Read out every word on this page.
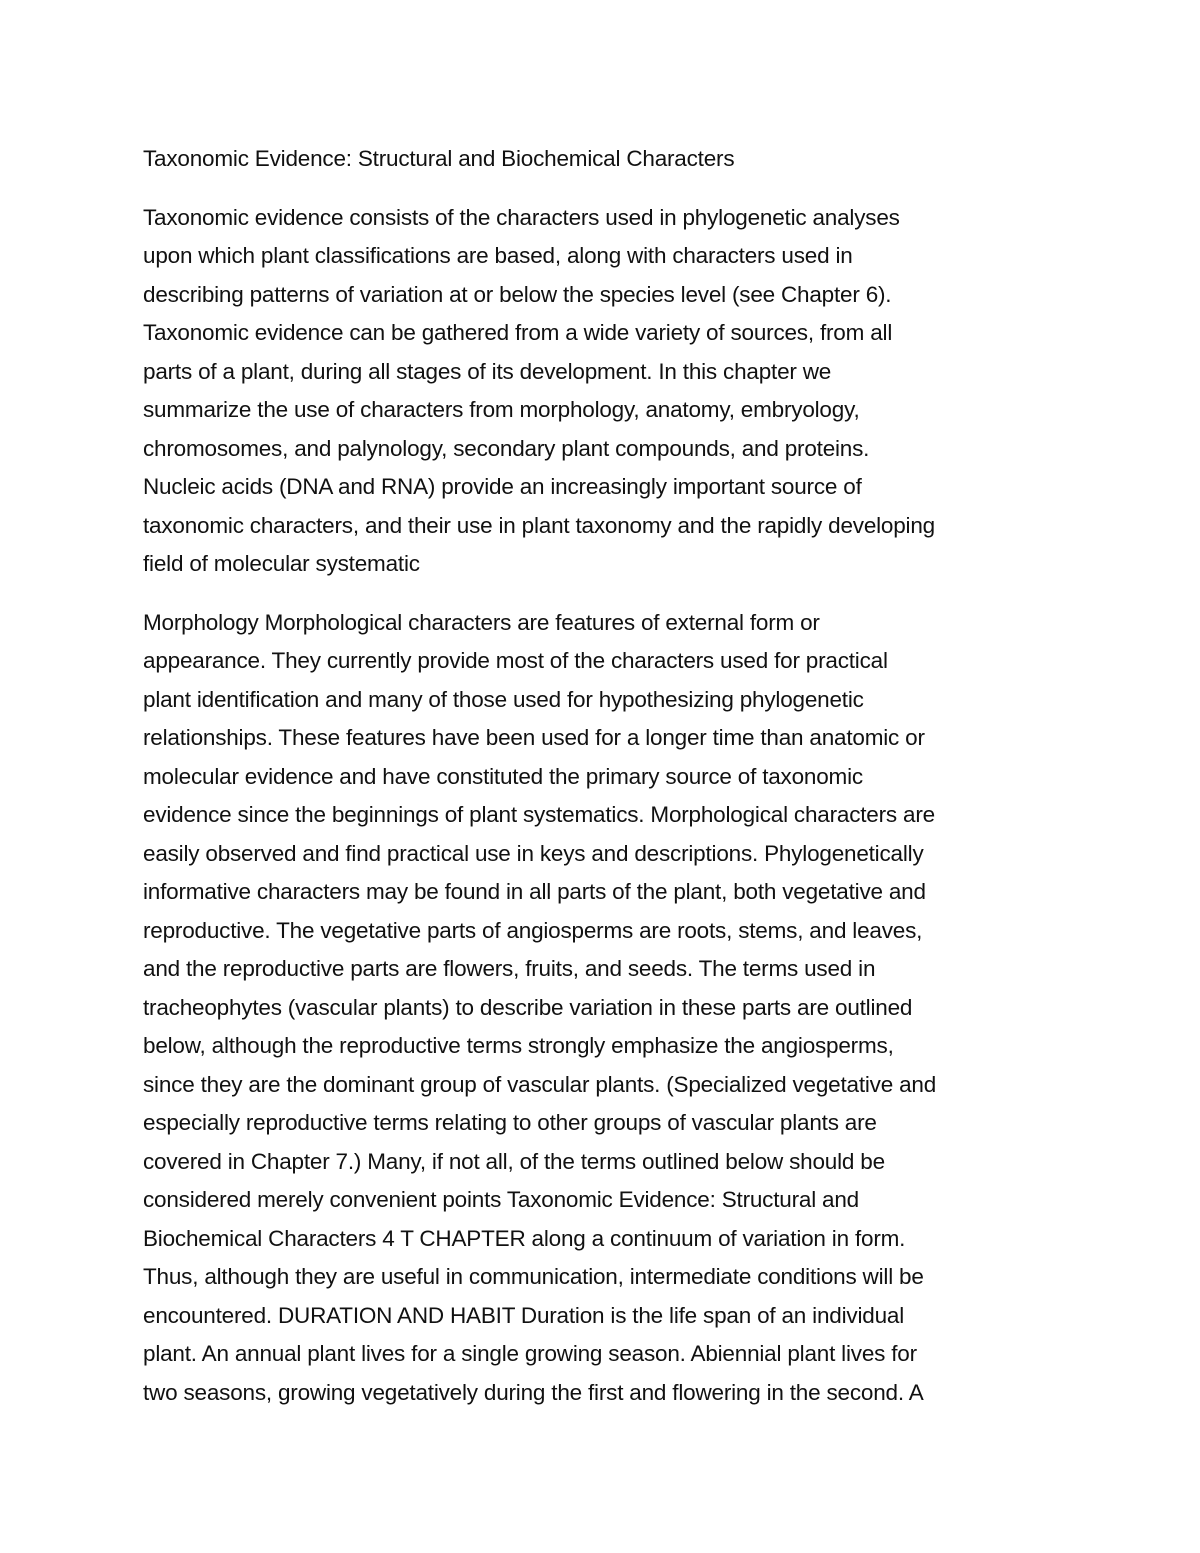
Taxonomic Evidence: Structural and Biochemical Characters
Taxonomic evidence consists of the characters used in phylogenetic analyses
upon which plant classifications are based, along with characters used in
describing patterns of variation at or below the species level (see Chapter 6).
Taxonomic evidence can be gathered from a wide variety of sources, from all
parts of a plant, during all stages of its development. In this chapter we
summarize the use of characters from morphology, anatomy, embryology,
chromosomes, and palynology, secondary plant compounds, and proteins.
Nucleic acids (DNA and RNA) provide an increasingly important source of
taxonomic characters, and their use in plant taxonomy and the rapidly developing
field of molecular systematic
Morphology Morphological characters are features of external form or
appearance. They currently provide most of the characters used for practical
plant identification and many of those used for hypothesizing phylogenetic
relationships. These features have been used for a longer time than anatomic or
molecular evidence and have constituted the primary source of taxonomic
evidence since the beginnings of plant systematics. Morphological characters are
easily observed and find practical use in keys and descriptions. Phylogenetically
informative characters may be found in all parts of the plant, both vegetative and
reproductive. The vegetative parts of angiosperms are roots, stems, and leaves,
and the reproductive parts are flowers, fruits, and seeds. The terms used in
tracheophytes (vascular plants) to describe variation in these parts are outlined
below, although the reproductive terms strongly emphasize the angiosperms,
since they are the dominant group of vascular plants. (Specialized vegetative and
especially reproductive terms relating to other groups of vascular plants are
covered in Chapter 7.) Many, if not all, of the terms outlined below should be
considered merely convenient points Taxonomic Evidence: Structural and
Biochemical Characters 4 T CHAPTER along a continuum of variation in form.
Thus, although they are useful in communication, intermediate conditions will be
encountered. DURATION AND HABIT Duration is the life span of an individual
plant. An annual plant lives for a single growing season. Abiennial plant lives for
two seasons, growing vegetatively during the first and flowering in the second. A
